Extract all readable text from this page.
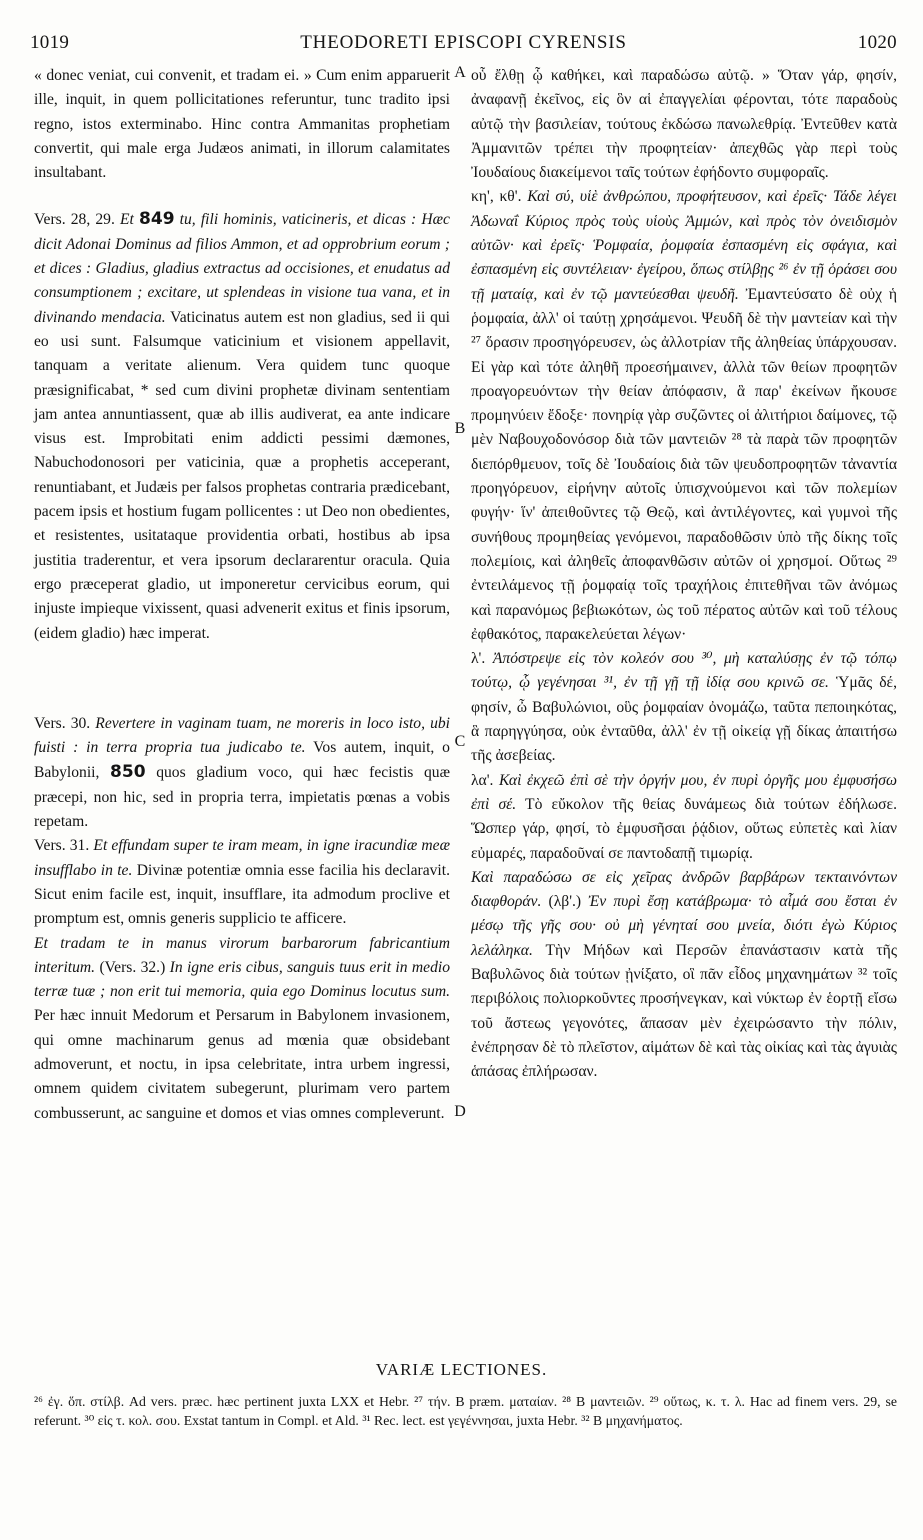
1019	THEODORETI EPISCOPI CYRENSIS	1020
A
B
C
D

« donec veniat, cui convenit, et tradam ei. » Cum enim apparuerit ille, inquit, in quem pollicitationes referuntur, tunc tradito ipsi regno, istos exterminabo. Hinc contra Ammanitas prophetiam convertit, qui male erga Judæos animati, in illorum calamitates insultabant.

Vers. 28, 29. Et 849 tu, fili hominis, vaticineris, et dicas : Hæc dicit Adonai Dominus ad filios Ammon, et ad opprobrium eorum ; et dices : Gladius, gladius extractus ad occisiones, et enudatus ad consumptionem ; excitare, ut splendeas in visione tua vana, et in divinando mendacia. Vaticinatus autem est non gladius, sed ii qui eo usi sunt. Falsumque vaticinium et visionem appellavit, tanquam a veritate alienum. Vera quidem tunc quoque præsignificabat, * sed cum divini prophetæ divinam sententiam jam antea annuntiassent, quæ ab illis audiverat, ea ante indicare visus est. Improbitati enim addicti pessimi dæmones, Nabuchodonosori per vaticinia, quæ a prophetis acceperant, renuntiabant, et Judæis per falsos prophetas contraria prædicebant, pacem ipsis et hostium fugam pollicentes : ut Deo non obedientes, et resistentes, usitataque providentia orbati, hostibus ab ipsa justitia traderentur, et vera ipsorum declararentur oracula. Quia ergo præceperat gladio, ut imponeretur cervicibus eorum, qui injuste impieque vixissent, quasi advenerit exitus et finis ipsorum, (eidem gladio) hæc imperat.

Vers. 30. Revertere in vaginam tuam, ne moreris in loco isto, ubi fuisti : in terra propria tua judicabo te. Vos autem, inquit, o Babylonii, 850 quos gladium voco, qui hæc fecistis quæ præcepi, non hic, sed in propria terra, impietatis pœnas a vobis repetam.

Vers. 31. Et effundam super te iram meam, in igne iracundiæ meæ insufflabo in te. Divinæ potentiæ omnia esse facilia his declaravit. Sicut enim facile est, inquit, insufflare, ita admodum proclive et promptum est, omnis generis supplicio te afficere.

Et tradam te in manus virorum barbarorum fabricantium interitum. (Vers. 32.) In igne eris cibus, sanguis tuus erit in medio terræ tuæ ; non erit tui memoria, quia ego Dominus locutus sum. Per hæc innuit Medorum et Persarum in Babylonem invasionem, qui omne machinarum genus ad mœnia quæ obsidebant admoverunt, et noctu, in ipsa celebritate, intra urbem ingressi, omnem quidem civitatem subegerunt, plurimam vero partem combusserunt, ac sanguine et domos et vias omnes compleverunt.

οὗ ἔλθῃ ᾧ καθήκει, καὶ παραδώσω αὐτῷ. » Ὅταν γάρ, φησίν, ἀναφανῇ ἐκεῖνος, εἰς ὃν αἱ ἐπαγγελίαι φέρονται, τότε παραδοὺς αὐτῷ τὴν βασιλείαν, τούτους ἐκδώσω πανωλεθρίᾳ. Ἐντεῦθεν κατὰ Ἀμμανιτῶν τρέπει τὴν προφητείαν· ἀπεχθῶς γὰρ περὶ τοὺς Ἰουδαίους διακείμενοι ταῖς τούτων ἐφήδοντο συμφοραῖς.

κη', κθ'. Καὶ σύ, υἱὲ ἀνθρώπου, προφήτευσον, καὶ ἐρεῖς· Τάδε λέγει Ἀδωναΐ Κύριος πρὸς τοὺς υἱοὺς Ἀμμών, καὶ πρὸς τὸν ὀνειδισμὸν αὐτῶν· καὶ ἐρεῖς· Ῥομφαία, ῥομφαία ἐσπασμένη εἰς σφάγια, καὶ ἐσπασμένη εἰς συντέλειαν· ἐγείρου, ὅπως στίλβῃς ²⁶ ἐν τῇ ὁράσει σου τῇ ματαίᾳ, καὶ ἐν τῷ μαντεύεσθαι ψευδῆ. Ἐμαντεύσατο δὲ οὐχ ἡ ῥομφαία, ἀλλ' οἱ ταύτῃ χρησάμενοι. Ψευδῆ δὲ τὴν μαντείαν καὶ τὴν ²⁷ ὅρασιν προσηγόρευσεν, ὡς ἀλλοτρίαν τῆς ἀληθείας ὑπάρχουσαν. Εἰ γὰρ καὶ τότε ἀληθῆ προεσήμαινεν, ἀλλὰ τῶν θείων προφητῶν προαγορευόντων τὴν θείαν ἀπόφασιν, ἃ παρ' ἐκείνων ἤκουσε προμηνύειν ἔδοξε· πονηρίᾳ γὰρ συζῶντες οἱ ἀλιτήριοι δαίμονες, τῷ μὲν Ναβουχοδονόσορ διὰ τῶν μαντειῶν ²⁸ τὰ παρὰ τῶν προφητῶν διεπόρθμευον, τοῖς δὲ Ἰουδαίοις διὰ τῶν ψευδοπροφητῶν τἀναντία προηγόρευον, εἰρήνην αὐτοῖς ὑπισχνούμενοι καὶ τῶν πολεμίων φυγήν· ἵν' ἀπειθοῦντες τῷ Θεῷ, καὶ ἀντιλέγοντες, καὶ γυμνοὶ τῆς συνήθους προμηθείας γενόμενοι, παραδοθῶσιν ὑπὸ τῆς δίκης τοῖς πολεμίοις, καὶ ἀληθεῖς ἀποφανθῶσιν αὐτῶν οἱ χρησμοί. Οὕτως ²⁹ ἐντειλάμενος τῇ ῥομφαίᾳ τοῖς τραχήλοις ἐπιτεθῆναι τῶν ἀνόμως καὶ παρανόμως βεβιωκότων, ὡς τοῦ πέρατος αὐτῶν καὶ τοῦ τέλους ἐφθακότος, παρακελεύεται λέγων·

λ'. Ἀπόστρεψε εἰς τὸν κολεόν σου ³⁰, μὴ καταλύσῃς ἐν τῷ τόπῳ τούτῳ, ᾧ γεγένησαι ³¹, ἐν τῇ γῇ τῇ ἰδίᾳ σου κρινῶ σε. Ὑμᾶς δέ, φησίν, ὦ Βαβυλώνιοι, οὓς ῥομφαίαν ὀνομάζω, ταῦτα πεποιηκότας, ἃ παρηγγύησα, οὐκ ἐνταῦθα, ἀλλ' ἐν τῇ οἰκείᾳ γῇ δίκας ἀπαιτήσω τῆς ἀσεβείας.

λα'. Καὶ ἐκχεῶ ἐπὶ σὲ τὴν ὀργήν μου, ἐν πυρὶ ὀργῆς μου ἐμφυσήσω ἐπὶ σέ. Τὸ εὔκολον τῆς θείας δυνάμεως διὰ τούτων ἐδήλωσε. Ὥσπερ γάρ, φησί, τὸ ἐμφυσῆσαι ῥᾴδιον, οὕτως εὐπετὲς καὶ λίαν εὐμαρές, παραδοῦναί σε παντοδαπῇ τιμωρίᾳ.

Καὶ παραδώσω σε εἰς χεῖρας ἀνδρῶν βαρβάρων τεκταινόντων διαφθοράν. (λβ'.) Ἐν πυρὶ ἔσῃ κατάβρωμα· τὸ αἷμά σου ἔσται ἐν μέσῳ τῆς γῆς σου· οὐ μὴ γένηταί σου μνεία, διότι ἐγὼ Κύριος λελάληκα. Τὴν Μήδων καὶ Περσῶν ἐπανάστασιν κατὰ τῆς Βαβυλῶνος διὰ τούτων ᾐνίξατο, οἳ πᾶν εἶδος μηχανημάτων ³² τοῖς περιβόλοις πολιορκοῦντες προσήνεγκαν, καὶ νύκτωρ ἐν ἑορτῇ εἴσω τοῦ ἄστεως γεγονότες, ἅπασαν μὲν ἐχειρώσαντο τὴν πόλιν, ἐνέπρησαν δὲ τὸ πλεῖστον, αἱμάτων δὲ καὶ τὰς οἰκίας καὶ τὰς ἀγυιὰς ἁπάσας ἐπλήρωσαν.

VARIÆ LECTIONES.
²⁶ ἐγ. ὅπ. στίλβ. Ad vers. præc. hæc pertinent juxta LXX et Hebr. ²⁷ τήν. B præm. ματαίαν. ²⁸ B μαντειῶν. ²⁹ οὕτως, κ. τ. λ. Hac ad finem vers. 29, se referunt. ³⁰ εἰς τ. κολ. σου. Exstat tantum in Compl. et Ald. ³¹ Rec. lect. est γεγέννησαι, juxta Hebr. ³² B μηχανήματος.
